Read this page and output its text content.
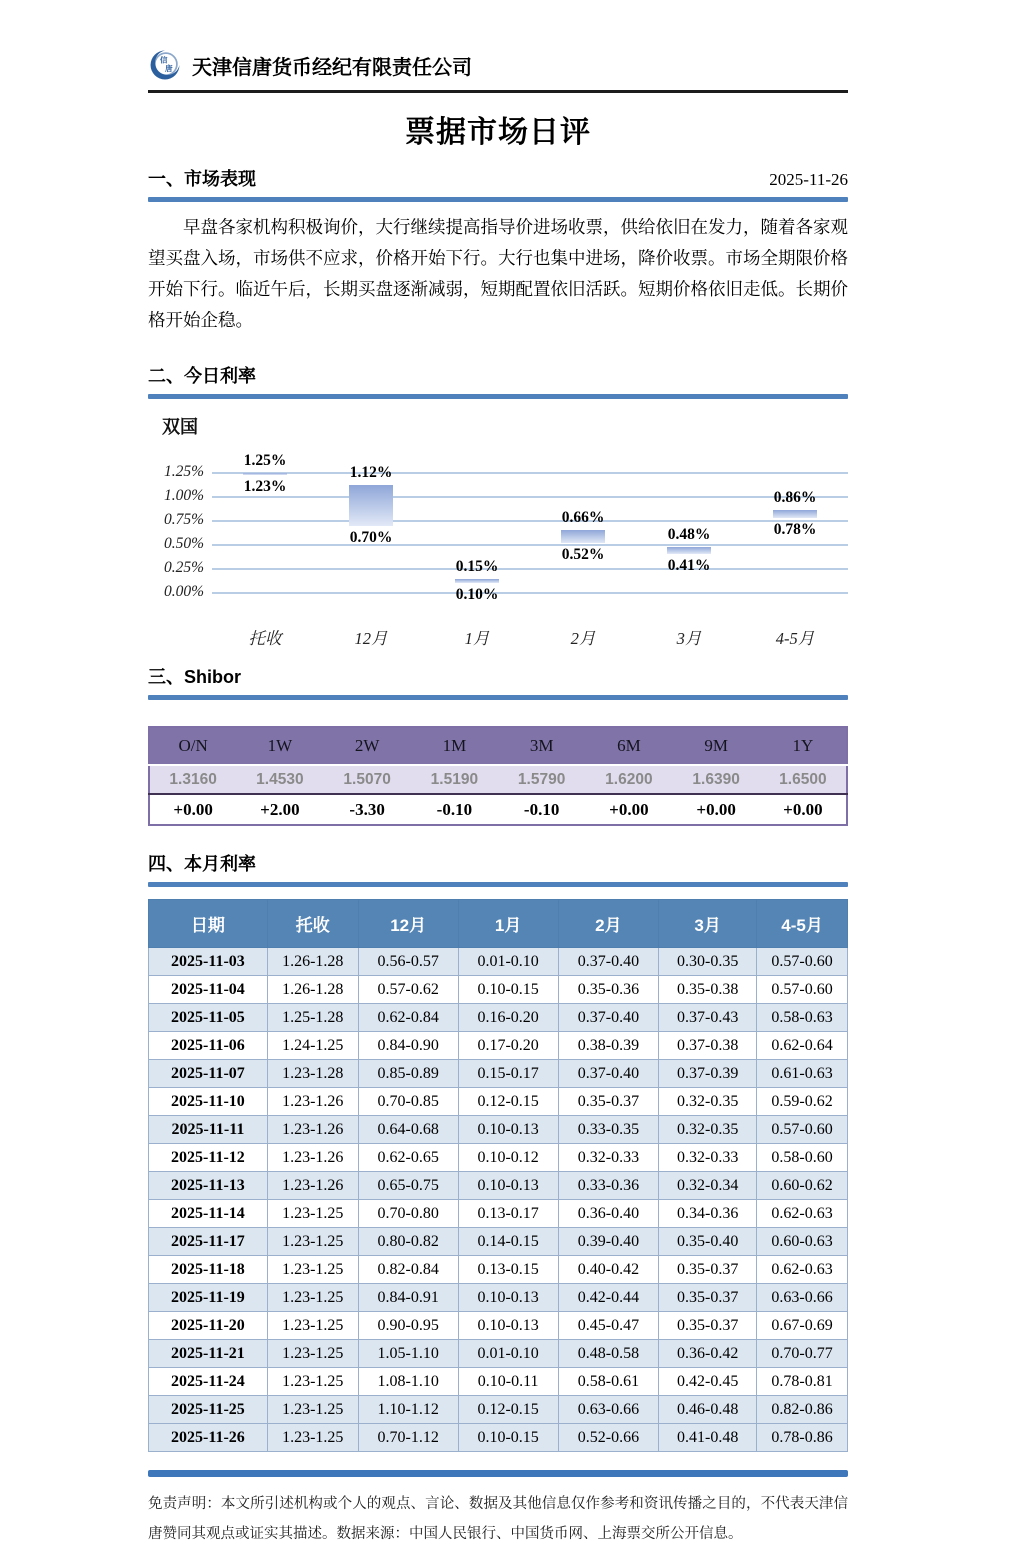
信
唐 天津信唐货币经纪有限责任公司
票据市场日评
一、市场表现	2025-11-26

早盘各家机构积极询价，大行继续提高指导价进场收票，供给依旧在发力，随着各家观望买盘入场，市场供不应求，价格开始下行。大行也集中进场，降价收票。市场全期限价格开始下行。临近午后，长期买盘逐渐减弱，短期配置依旧活跃。短期价格依旧走低。长期价格开始企稳。

二、今日利率
双国
1.25%
1.00%
0.75%
0.50%
0.25%
0.00%
1.25%
1.23%
1.12%
0.70%
0.15%
0.10%
0.66%
0.52%
0.48%
0.41%
0.86%
0.78%
托收	12月	1月	2月	3月	4-5月
三、Shibor
O/N	1W	2W	1M	3M	6M	9M	1Y
1.3160	1.4530	1.5070	1.5190	1.5790	1.6200	1.6390	1.6500
+0.00	+2.00	-3.30	-0.10	-0.10	+0.00	+0.00	+0.00
四、本月利率
日期	托收	12月	1月	2月	3月	4-5月
2025-11-03	1.26-1.28	0.56-0.57	0.01-0.10	0.37-0.40	0.30-0.35	0.57-0.60
2025-11-04	1.26-1.28	0.57-0.62	0.10-0.15	0.35-0.36	0.35-0.38	0.57-0.60
2025-11-05	1.25-1.28	0.62-0.84	0.16-0.20	0.37-0.40	0.37-0.43	0.58-0.63
2025-11-06	1.24-1.25	0.84-0.90	0.17-0.20	0.38-0.39	0.37-0.38	0.62-0.64
2025-11-07	1.23-1.28	0.85-0.89	0.15-0.17	0.37-0.40	0.37-0.39	0.61-0.63
2025-11-10	1.23-1.26	0.70-0.85	0.12-0.15	0.35-0.37	0.32-0.35	0.59-0.62
2025-11-11	1.23-1.26	0.64-0.68	0.10-0.13	0.33-0.35	0.32-0.35	0.57-0.60
2025-11-12	1.23-1.26	0.62-0.65	0.10-0.12	0.32-0.33	0.32-0.33	0.58-0.60
2025-11-13	1.23-1.26	0.65-0.75	0.10-0.13	0.33-0.36	0.32-0.34	0.60-0.62
2025-11-14	1.23-1.25	0.70-0.80	0.13-0.17	0.36-0.40	0.34-0.36	0.62-0.63
2025-11-17	1.23-1.25	0.80-0.82	0.14-0.15	0.39-0.40	0.35-0.40	0.60-0.63
2025-11-18	1.23-1.25	0.82-0.84	0.13-0.15	0.40-0.42	0.35-0.37	0.62-0.63
2025-11-19	1.23-1.25	0.84-0.91	0.10-0.13	0.42-0.44	0.35-0.37	0.63-0.66
2025-11-20	1.23-1.25	0.90-0.95	0.10-0.13	0.45-0.47	0.35-0.37	0.67-0.69
2025-11-21	1.23-1.25	1.05-1.10	0.01-0.10	0.48-0.58	0.36-0.42	0.70-0.77
2025-11-24	1.23-1.25	1.08-1.10	0.10-0.11	0.58-0.61	0.42-0.45	0.78-0.81
2025-11-25	1.23-1.25	1.10-1.12	0.12-0.15	0.63-0.66	0.46-0.48	0.82-0.86
2025-11-26	1.23-1.25	0.70-1.12	0.10-0.15	0.52-0.66	0.41-0.48	0.78-0.86

免责声明：本文所引述机构或个人的观点、言论、数据及其他信息仅作参考和资讯传播之目的，不代表天津信唐赞同其观点或证实其描述。数据来源：中国人民银行、中国货币网、上海票交所公开信息。
